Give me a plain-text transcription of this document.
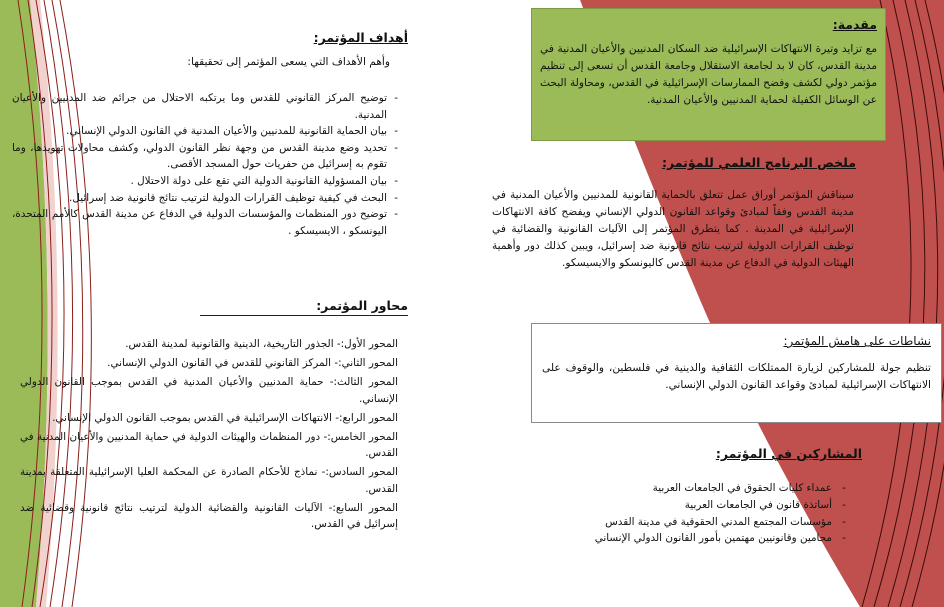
أهداف المؤتمر:
وأهم الأهداف التي يسعى المؤتمر إلى تحقيقها:
- توضيح المركز القانوني للقدس وما يرتكبه الاحتلال من جرائم ضد المدنيين والأعيان المدنية.
- بيان الحماية القانونية للمدنيين والأعيان المدنية في القانون الدولي الإنساني.
- تحديد وضع مدينة القدس من وجهة نظر القانون الدولي، وكشف محاولات تهويدها، وما تقوم به إسرائيل من حفريات حول المسجد الأقصى.
- بيان المسؤولية القانونية الدولية التي تقع على دولة الاحتلال .
- البحث في كيفية توظيف القرارات الدولية لترتيب نتائج قانونية ضد إسرائيل.
- توضيح دور المنظمات والمؤسسات الدولية في الدفاع عن مدينة القدس كالأمم المتحدة، اليونسكو ، الايسيسكو .
محاور المؤتمر:
المحور الأول:- الجذور التاريخية، الدينية والقانونية لمدينة القدس.
المحور الثاني:- المركز القانوني للقدس في القانون الدولي الإنساني.
المحور الثالث:- حماية المدنيين والأعيان المدنية في القدس بموجب القانون الدولي الإنساني.
المحور الرابع:- الانتهاكات الإسرائيلية في القدس بموجب القانون الدولي الإنساني.
المحور الخامس:- دور المنظمات والهيئات الدولية في حماية المدنيين والأعيان المدنية في القدس.
المحور السادس:- نماذج للأحكام الصادرة عن المحكمة العليا الإسرائيلية المتعلقة بمدينة القدس.
المحور السابع:- الآليات القانونية والقضائية الدولية لترتيب نتائج قانونية وقضائية ضد إسرائيل في القدس.
مقدمة:
مع تزايد وتيرة الانتهاكات الإسرائيلية ضد السكان المدنيين والأعيان المدنية في مدينة القدس، كان لا بد لجامعة الاستقلال وجامعة القدس أن تسعى إلى تنظيم مؤتمر دولي لكشف وفضح الممارسات الإسرائيلية في القدس، ومحاولة البحث عن الوسائل الكفيلة لحماية المدنيين والأعيان المدنية.
ملخص البرنامج العلمي للمؤتمر:
سيناقش المؤتمر أوراق عمل تتعلق بالحماية القانونية للمدنيين والأعيان المدنية في مدينة القدس وفقاً لمبادئ وقواعد القانون الدولي الإنساني ويفضح كافة الانتهاكات الإسرائيلية في المدينة . كما يتطرق المؤتمر إلى الآليات القانونية والقضائية في توظيف القرارات الدولية لترتيب نتائج قانونية ضد إسرائيل، ويبين كذلك دور وأهمية الهيئات الدولية في الدفاع عن مدينة القدس كاليونسكو والايسيسكو.
نشاطات على هامش المؤتمر:
تنظيم جولة للمشاركين لزيارة الممتلكات الثقافية والدينية في فلسطين، والوقوف على الانتهاكات الإسرائيلية لمبادئ وقواعد القانون الدولي الإنساني.
المشاركين في المؤتمر:
- عمداء كليات الحقوق في الجامعات العربية
- أساتذة قانون في الجامعات العربية
- مؤسسات المجتمع المدني الحقوقية في مدينة القدس
- محامين وقانونيين مهتمين بأمور القانون الدولي الإنساني
